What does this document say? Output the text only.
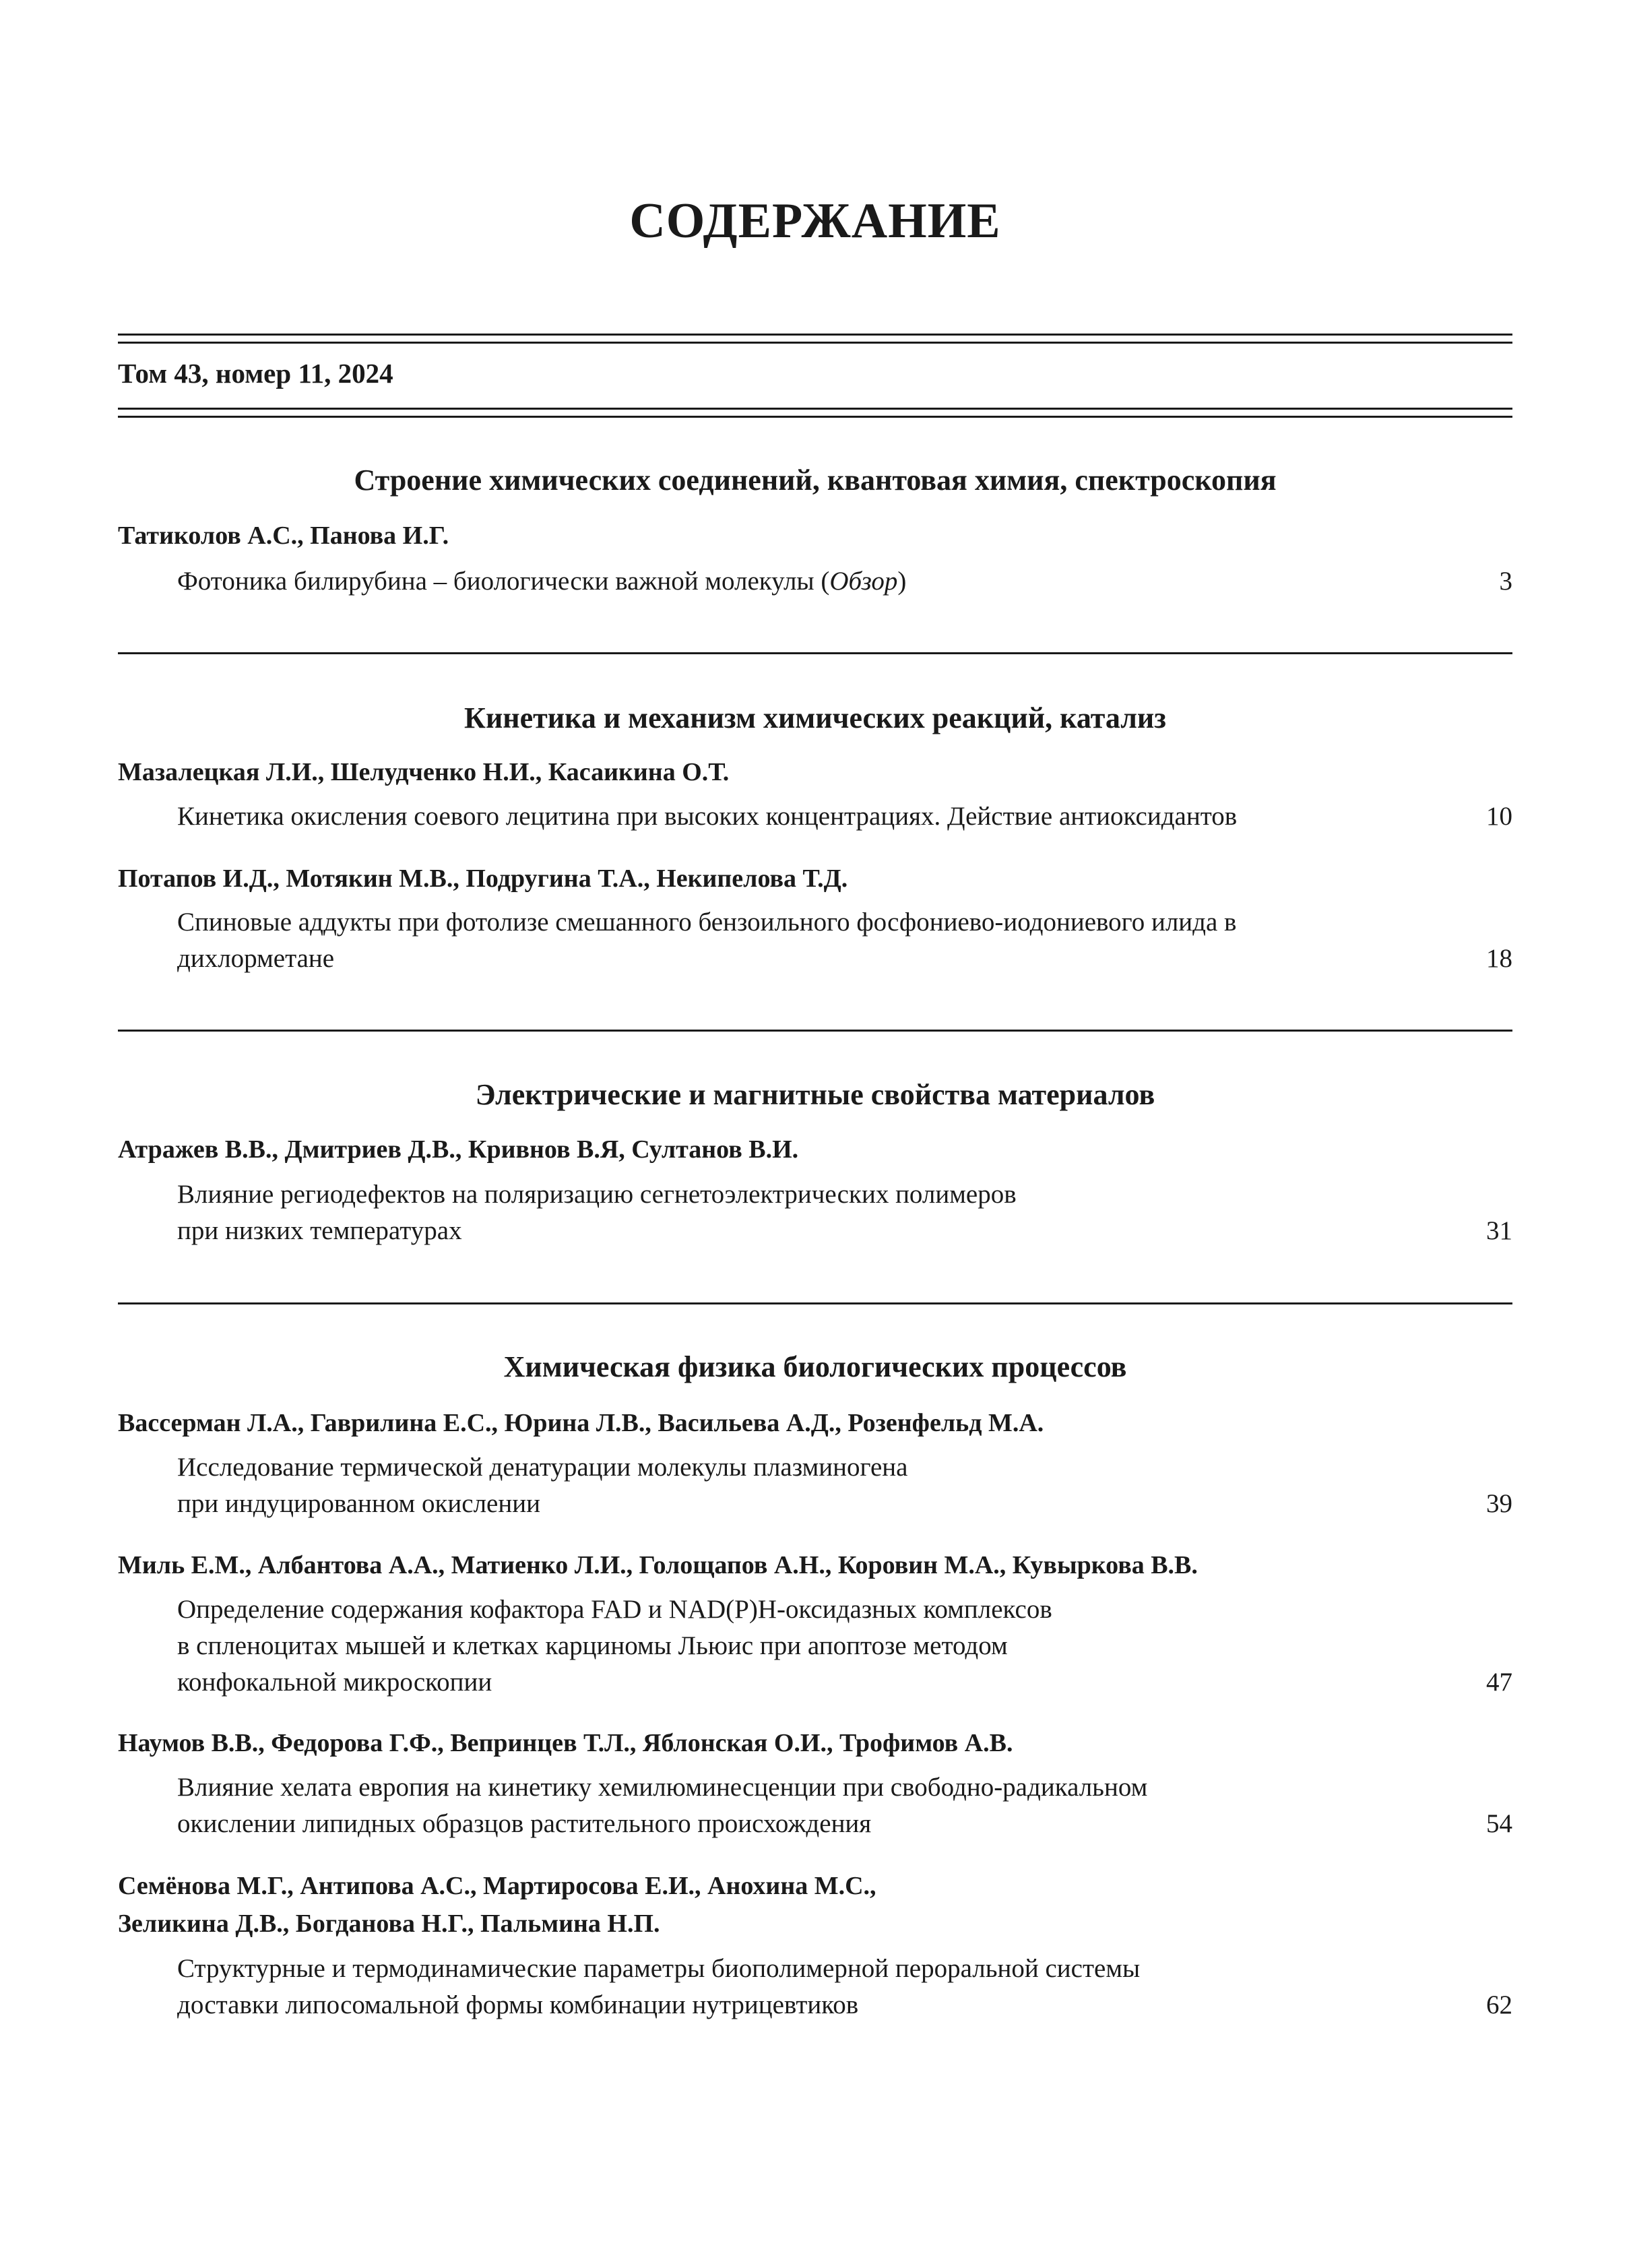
СОДЕРЖАНИЕ
Том 43, номер 11, 2024
Строение химических соединений, квантовая химия, спектроскопия
Татиколов А.С., Панова И.Г.
Фотоника билирубина – биологически важной молекулы (Обзор)	3
Кинетика и механизм химических реакций, катализ
Мазалецкая Л.И., Шелудченко Н.И., Касаикина О.Т.
Кинетика окисления соевого лецитина при высоких концентрациях. Действие антиоксидантов	10
Потапов И.Д., Мотякин М.В., Подругина Т.А., Некипелова Т.Д.
Спиновые аддукты при фотолизе смешанного бензоильного фосфониево-иодониевого илида в
дихлорметане	18
Электрические и магнитные свойства материалов
Атражев В.В., Дмитриев Д.В., Кривнов В.Я, Султанов В.И.
Влияние региодефектов на поляризацию сегнетоэлектрических полимеров
при низких температурах	31
Химическая физика биологических процессов
Вассерман Л.А., Гаврилина Е.С., Юрина Л.В., Васильева А.Д., Розенфельд М.А.
Исследование термической денатурации молекулы плазминогена
при индуцированном окислении	39
Миль Е.М., Албантова А.А., Матиенко Л.И., Голощапов А.Н., Коровин М.А., Кувыркова В.В.
Определение содержания кофактора FAD и NAD(P)H-оксидазных комплексов
в спленоцитах мышей и клетках карциномы Льюис при апоптозе методом
конфокальной микроскопии	47
Наумов В.В., Федорова Г.Ф., Вепринцев Т.Л., Яблонская О.И., Трофимов А.В.
Влияние хелата европия на кинетику хемилюминесценции при свободно-радикальном
окислении липидных образцов растительного происхождения	54
Семёнова М.Г., Антипова А.С., Мартиросова Е.И., Анохина М.С.,
Зеликина Д.В., Богданова Н.Г., Пальмина Н.П.
Структурные и термодинамические параметры биополимерной пероральной системы
доставки липосомальной формы комбинации нутрицевтиков	62
